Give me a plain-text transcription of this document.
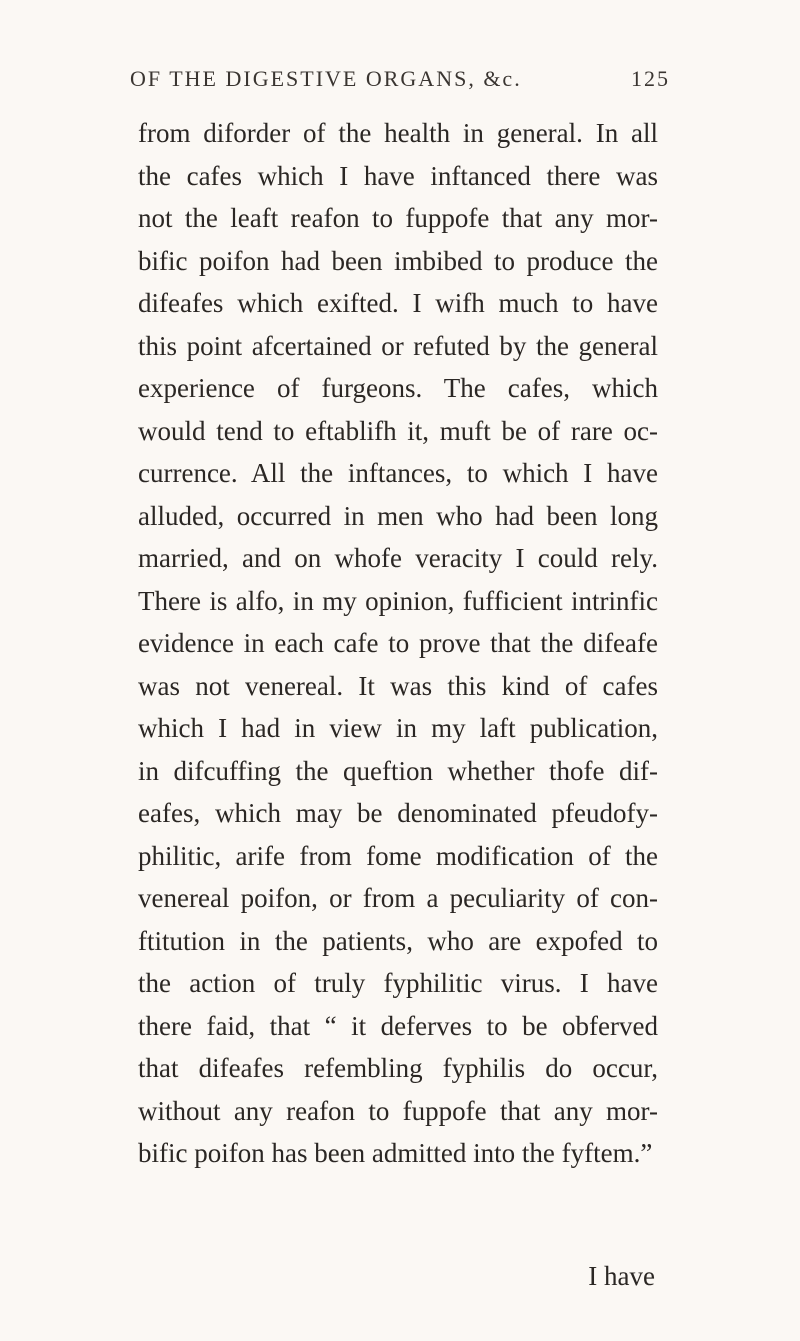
OF THE DIGESTIVE ORGANS, &c.	125
from diforder of the health in general. In all
the cafes which I have inftanced there was
not the leaft reafon to fuppofe that any mor-
bific poifon had been imbibed to produce the
difeafes which exifted. I wifh much to have
this point afcertained or refuted by the general
experience of furgeons. The cafes, which
would tend to eftablifh it, muft be of rare oc-
currence. All the inftances, to which I have
alluded, occurred in men who had been long
married, and on whofe veracity I could rely.
There is alfo, in my opinion, fufficient intrinfic
evidence in each cafe to prove that the difeafe
was not venereal. It was this kind of cafes
which I had in view in my laft publication,
in difcuffing the queftion whether thofe dif-
eafes, which may be denominated pfeudofy-
philitic, arife from fome modification of the
venereal poifon, or from a peculiarity of con-
ftitution in the patients, who are expofed to
the action of truly fyphilitic virus. I have
there faid, that “ it deferves to be obferved
that difeafes refembling fyphilis do occur,
without any reafon to fuppofe that any mor-
bific poifon has been admitted into the fyftem.”
I have
